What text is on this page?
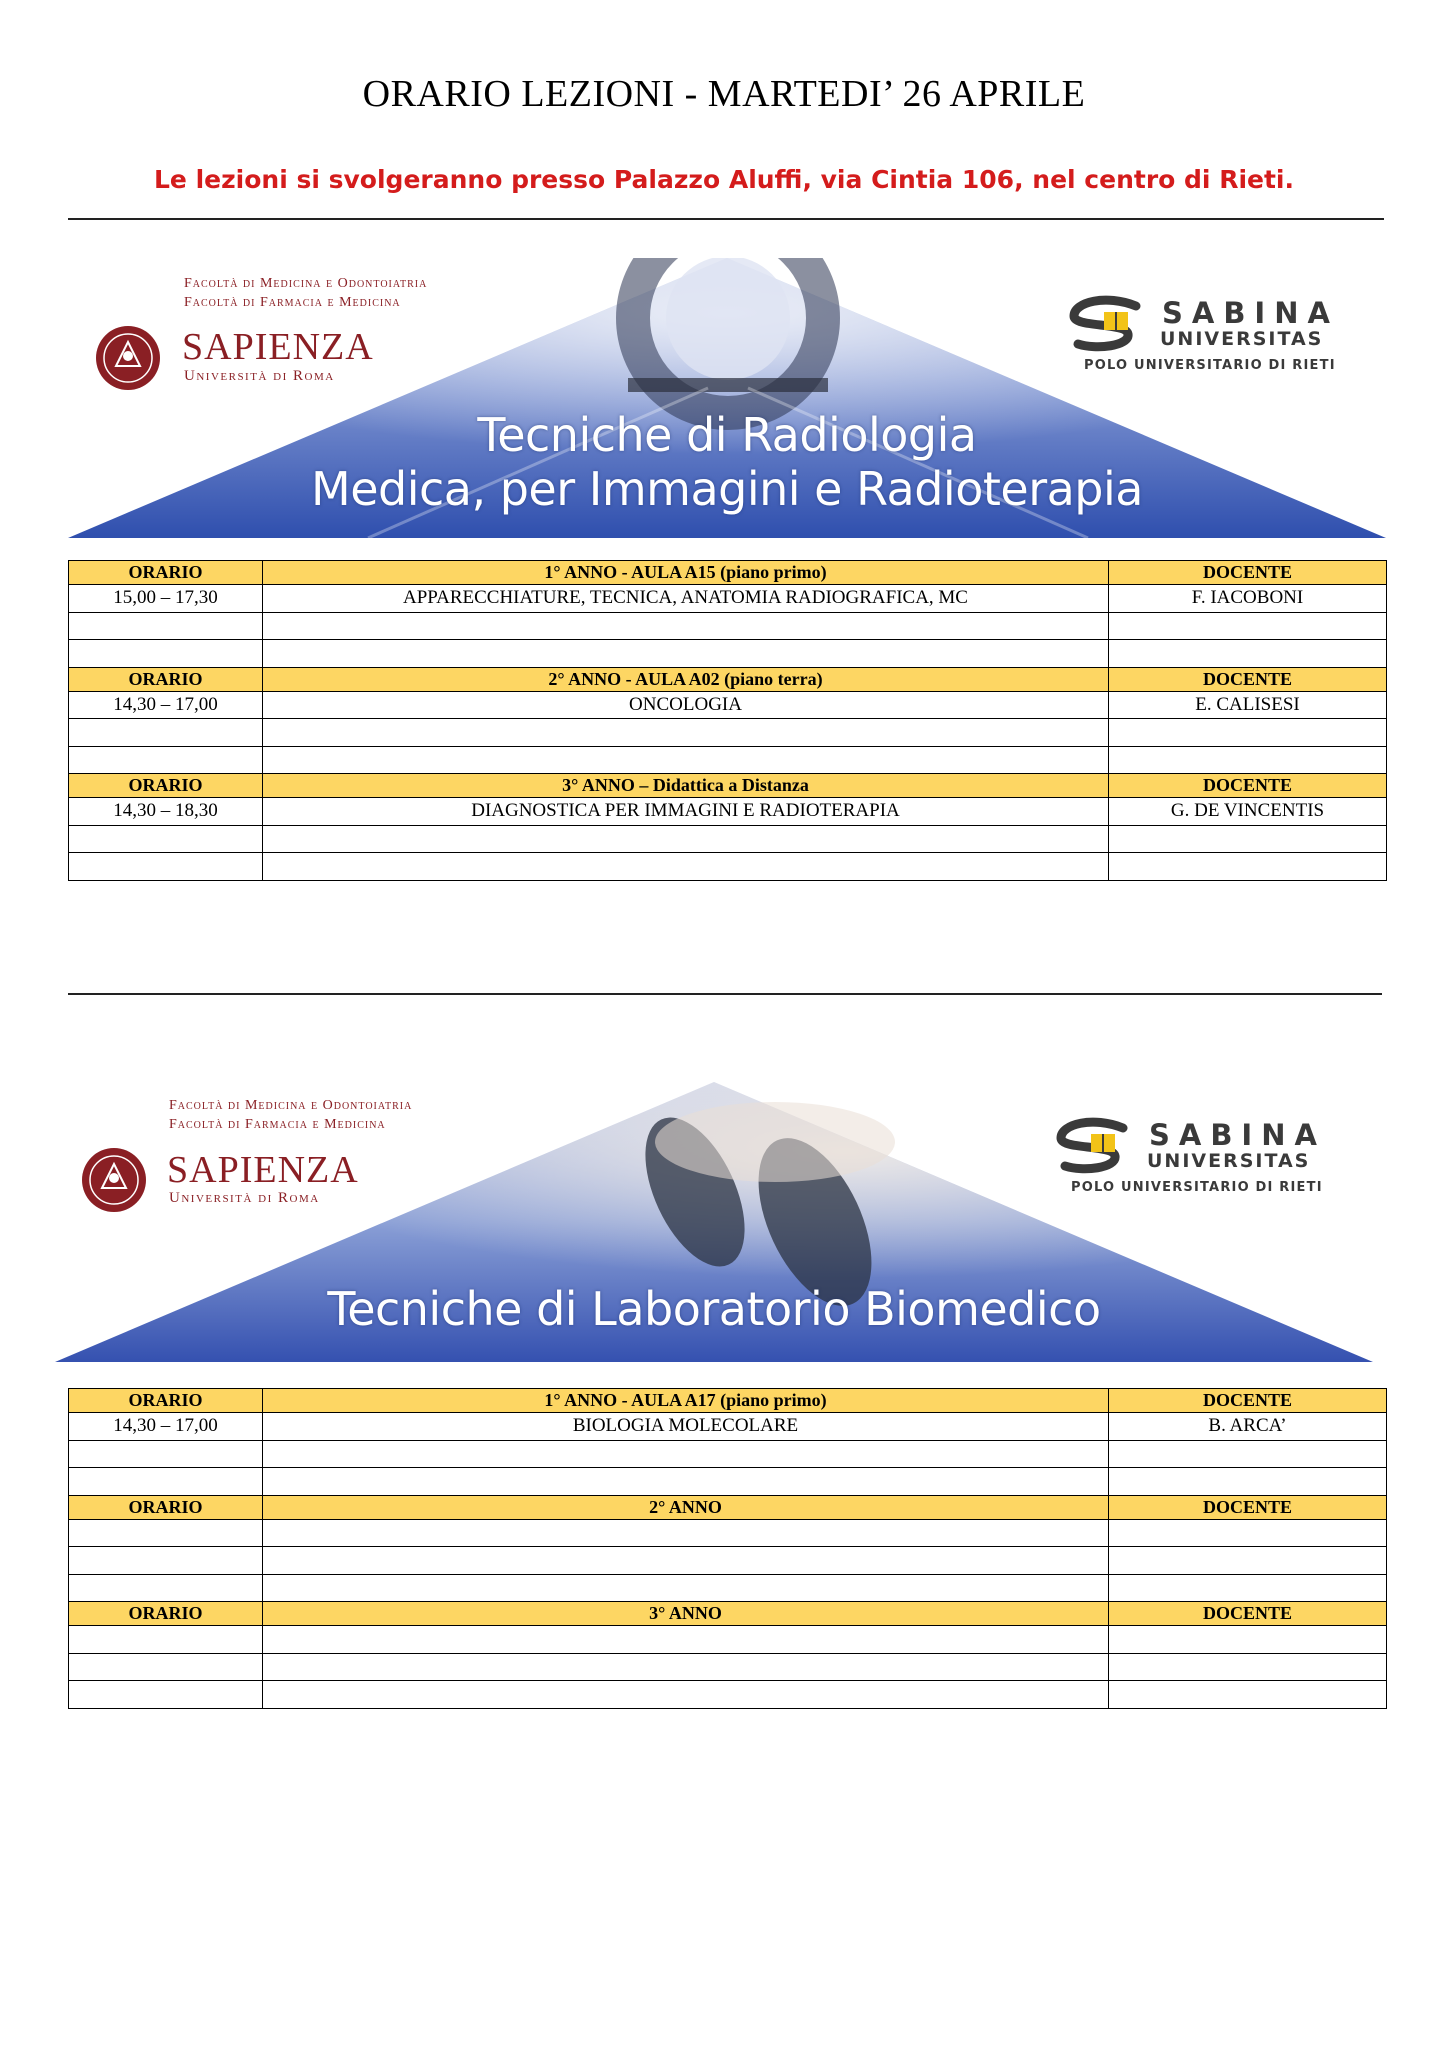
ORARIO LEZIONI - MARTEDI’ 26 APRILE
Le lezioni si svolgeranno presso Palazzo Aluffi, via Cintia 106, nel centro di Rieti.
Facoltà di Medicina e Odontoiatria
Facoltà di Farmacia e Medicina
SAPIENZA
Università di Roma
SABINA
UNIVERSITAS
POLO UNIVERSITARIO DI RIETI
Tecniche di Radiologia
Medica, per Immagini e Radioterapia
ORARIO	1° ANNO - AULA A15 (piano primo)	DOCENTE
15,00 – 17,30	APPARECCHIATURE, TECNICA, ANATOMIA RADIOGRAFICA, MC	F. IACOBONI

ORARIO	2° ANNO - AULA A02 (piano terra)	DOCENTE
14,30 – 17,00	ONCOLOGIA	E. CALISESI

ORARIO	3° ANNO – Didattica a Distanza	DOCENTE
14,30 – 18,30	DIAGNOSTICA PER IMMAGINI E RADIOTERAPIA	G. DE VINCENTIS

Facoltà di Medicina e Odontoiatria
Facoltà di Farmacia e Medicina
SAPIENZA
Università di Roma
SABINA
UNIVERSITAS
POLO UNIVERSITARIO DI RIETI
Tecniche di Laboratorio Biomedico
ORARIO	1° ANNO - AULA A17 (piano primo)	DOCENTE
14,30 – 17,00	BIOLOGIA MOLECOLARE	B. ARCA’

ORARIO	2° ANNO	DOCENTE

ORARIO	3° ANNO	DOCENTE
